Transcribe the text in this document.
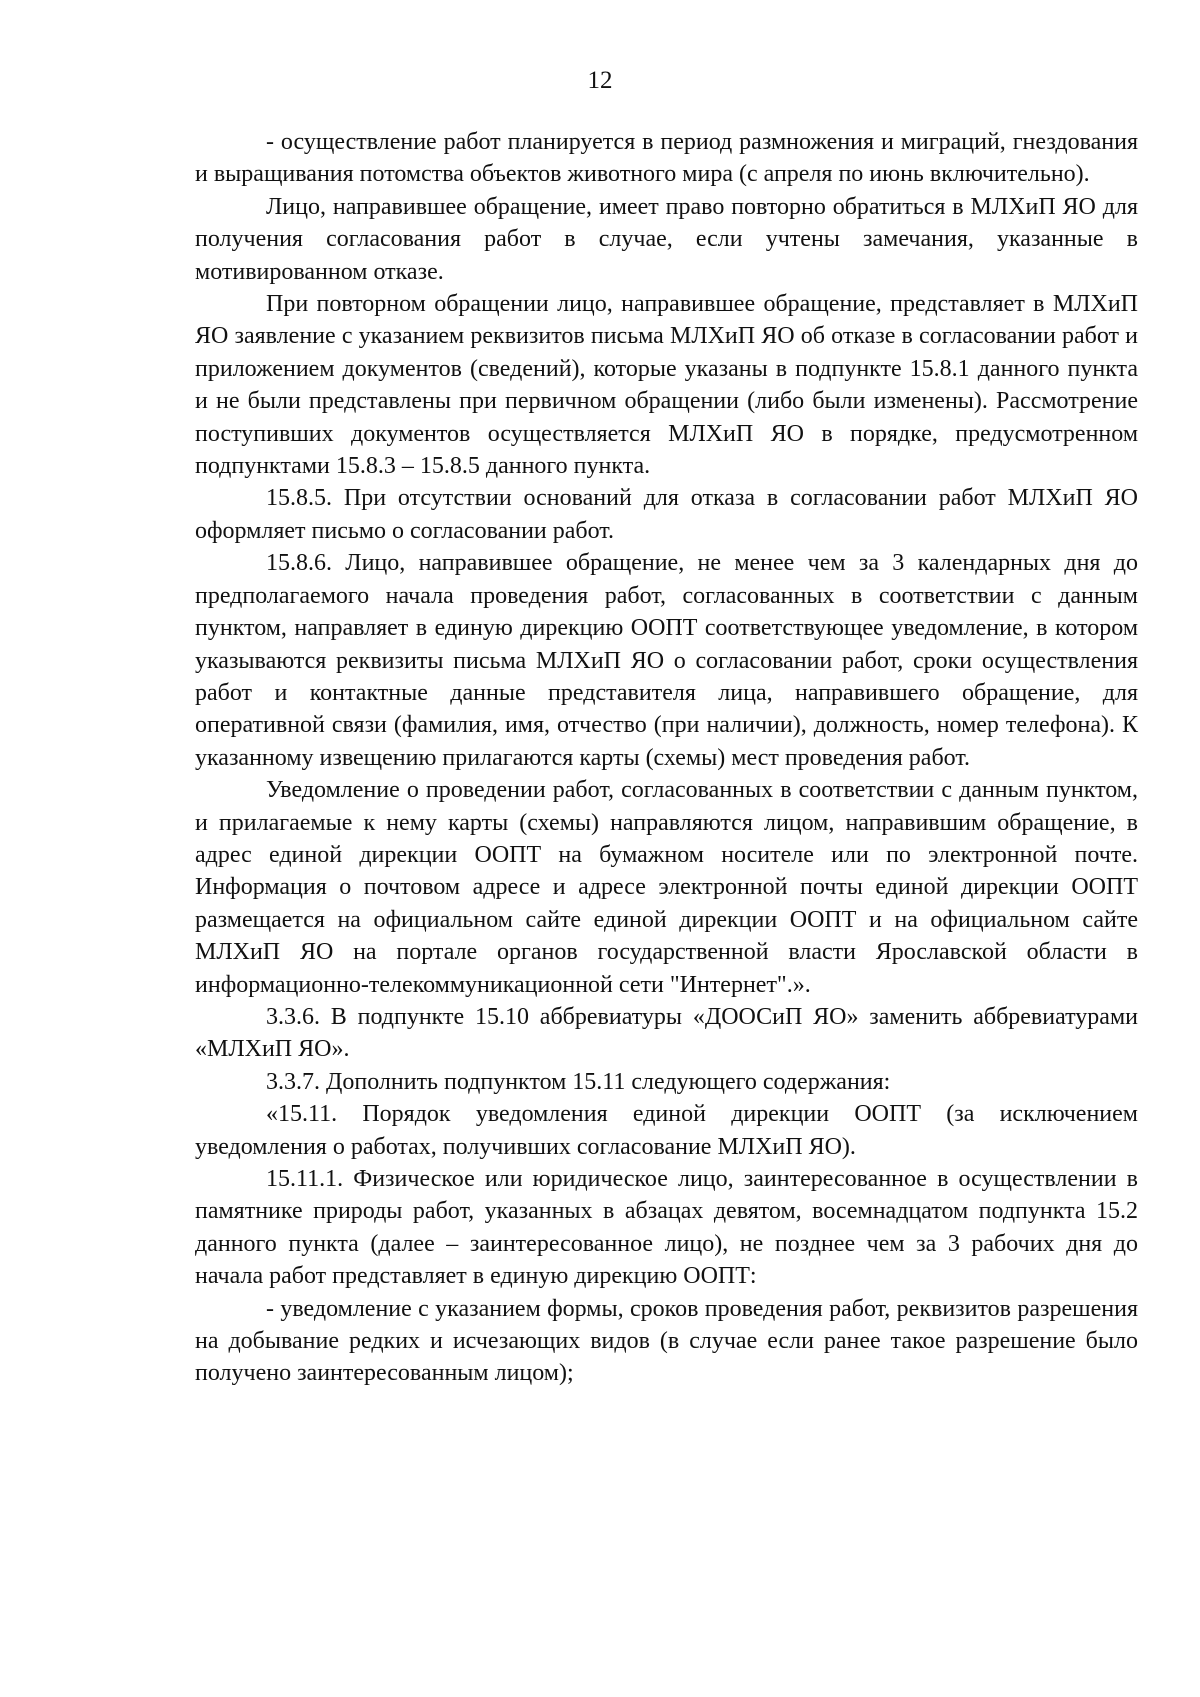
12

- осуществление работ планируется в период размножения и миграций, гнездования и выращивания потомства объектов животного мира (с апреля по июнь включительно).

Лицо, направившее обращение, имеет право повторно обратиться в МЛХиП ЯО для получения согласования работ в случае, если учтены замечания, указанные в мотивированном отказе.

При повторном обращении лицо, направившее обращение, представляет в МЛХиП ЯО заявление с указанием реквизитов письма МЛХиП ЯО об отказе в согласовании работ и приложением документов (сведений), которые указаны в подпункте 15.8.1 данного пункта и не были представлены при первичном обращении (либо были изменены). Рассмотрение поступивших документов осуществляется МЛХиП ЯО в порядке, предусмотренном подпунктами 15.8.3 – 15.8.5 данного пункта.

15.8.5. При отсутствии оснований для отказа в согласовании работ МЛХиП ЯО оформляет письмо о согласовании работ.

15.8.6. Лицо, направившее обращение, не менее чем за 3 календарных дня до предполагаемого начала проведения работ, согласованных в соответствии с данным пунктом, направляет в единую дирекцию ООПТ соответствующее уведомление, в котором указываются реквизиты письма МЛХиП ЯО о согласовании работ, сроки осуществления работ и контактные данные представителя лица, направившего обращение, для оперативной связи (фамилия, имя, отчество (при наличии), должность, номер телефона). К указанному извещению прилагаются карты (схемы) мест проведения работ.

Уведомление о проведении работ, согласованных в соответствии с данным пунктом, и прилагаемые к нему карты (схемы) направляются лицом, направившим обращение, в адрес единой дирекции ООПТ на бумажном носителе или по электронной почте. Информация о почтовом адресе и адресе электронной почты единой дирекции ООПТ размещается на официальном сайте единой дирекции ООПТ и на официальном сайте МЛХиП ЯО на портале органов государственной власти Ярославской области в информационно-телекоммуникационной сети "Интернет".».

3.3.6. В подпункте 15.10 аббревиатуры «ДООСиП ЯО» заменить аббревиатурами «МЛХиП ЯО».

3.3.7. Дополнить подпунктом 15.11 следующего содержания:

«15.11. Порядок уведомления единой дирекции ООПТ (за исключением уведомления о работах, получивших согласование МЛХиП ЯО).

15.11.1. Физическое или юридическое лицо, заинтересованное в осуществлении в памятнике природы работ, указанных в абзацах девятом, восемнадцатом подпункта 15.2 данного пункта (далее – заинтересованное лицо), не позднее чем за 3 рабочих дня до начала работ представляет в единую дирекцию ООПТ:

- уведомление с указанием формы, сроков проведения работ, реквизитов разрешения на добывание редких и исчезающих видов (в случае если ранее такое разрешение было получено заинтересованным лицом);
